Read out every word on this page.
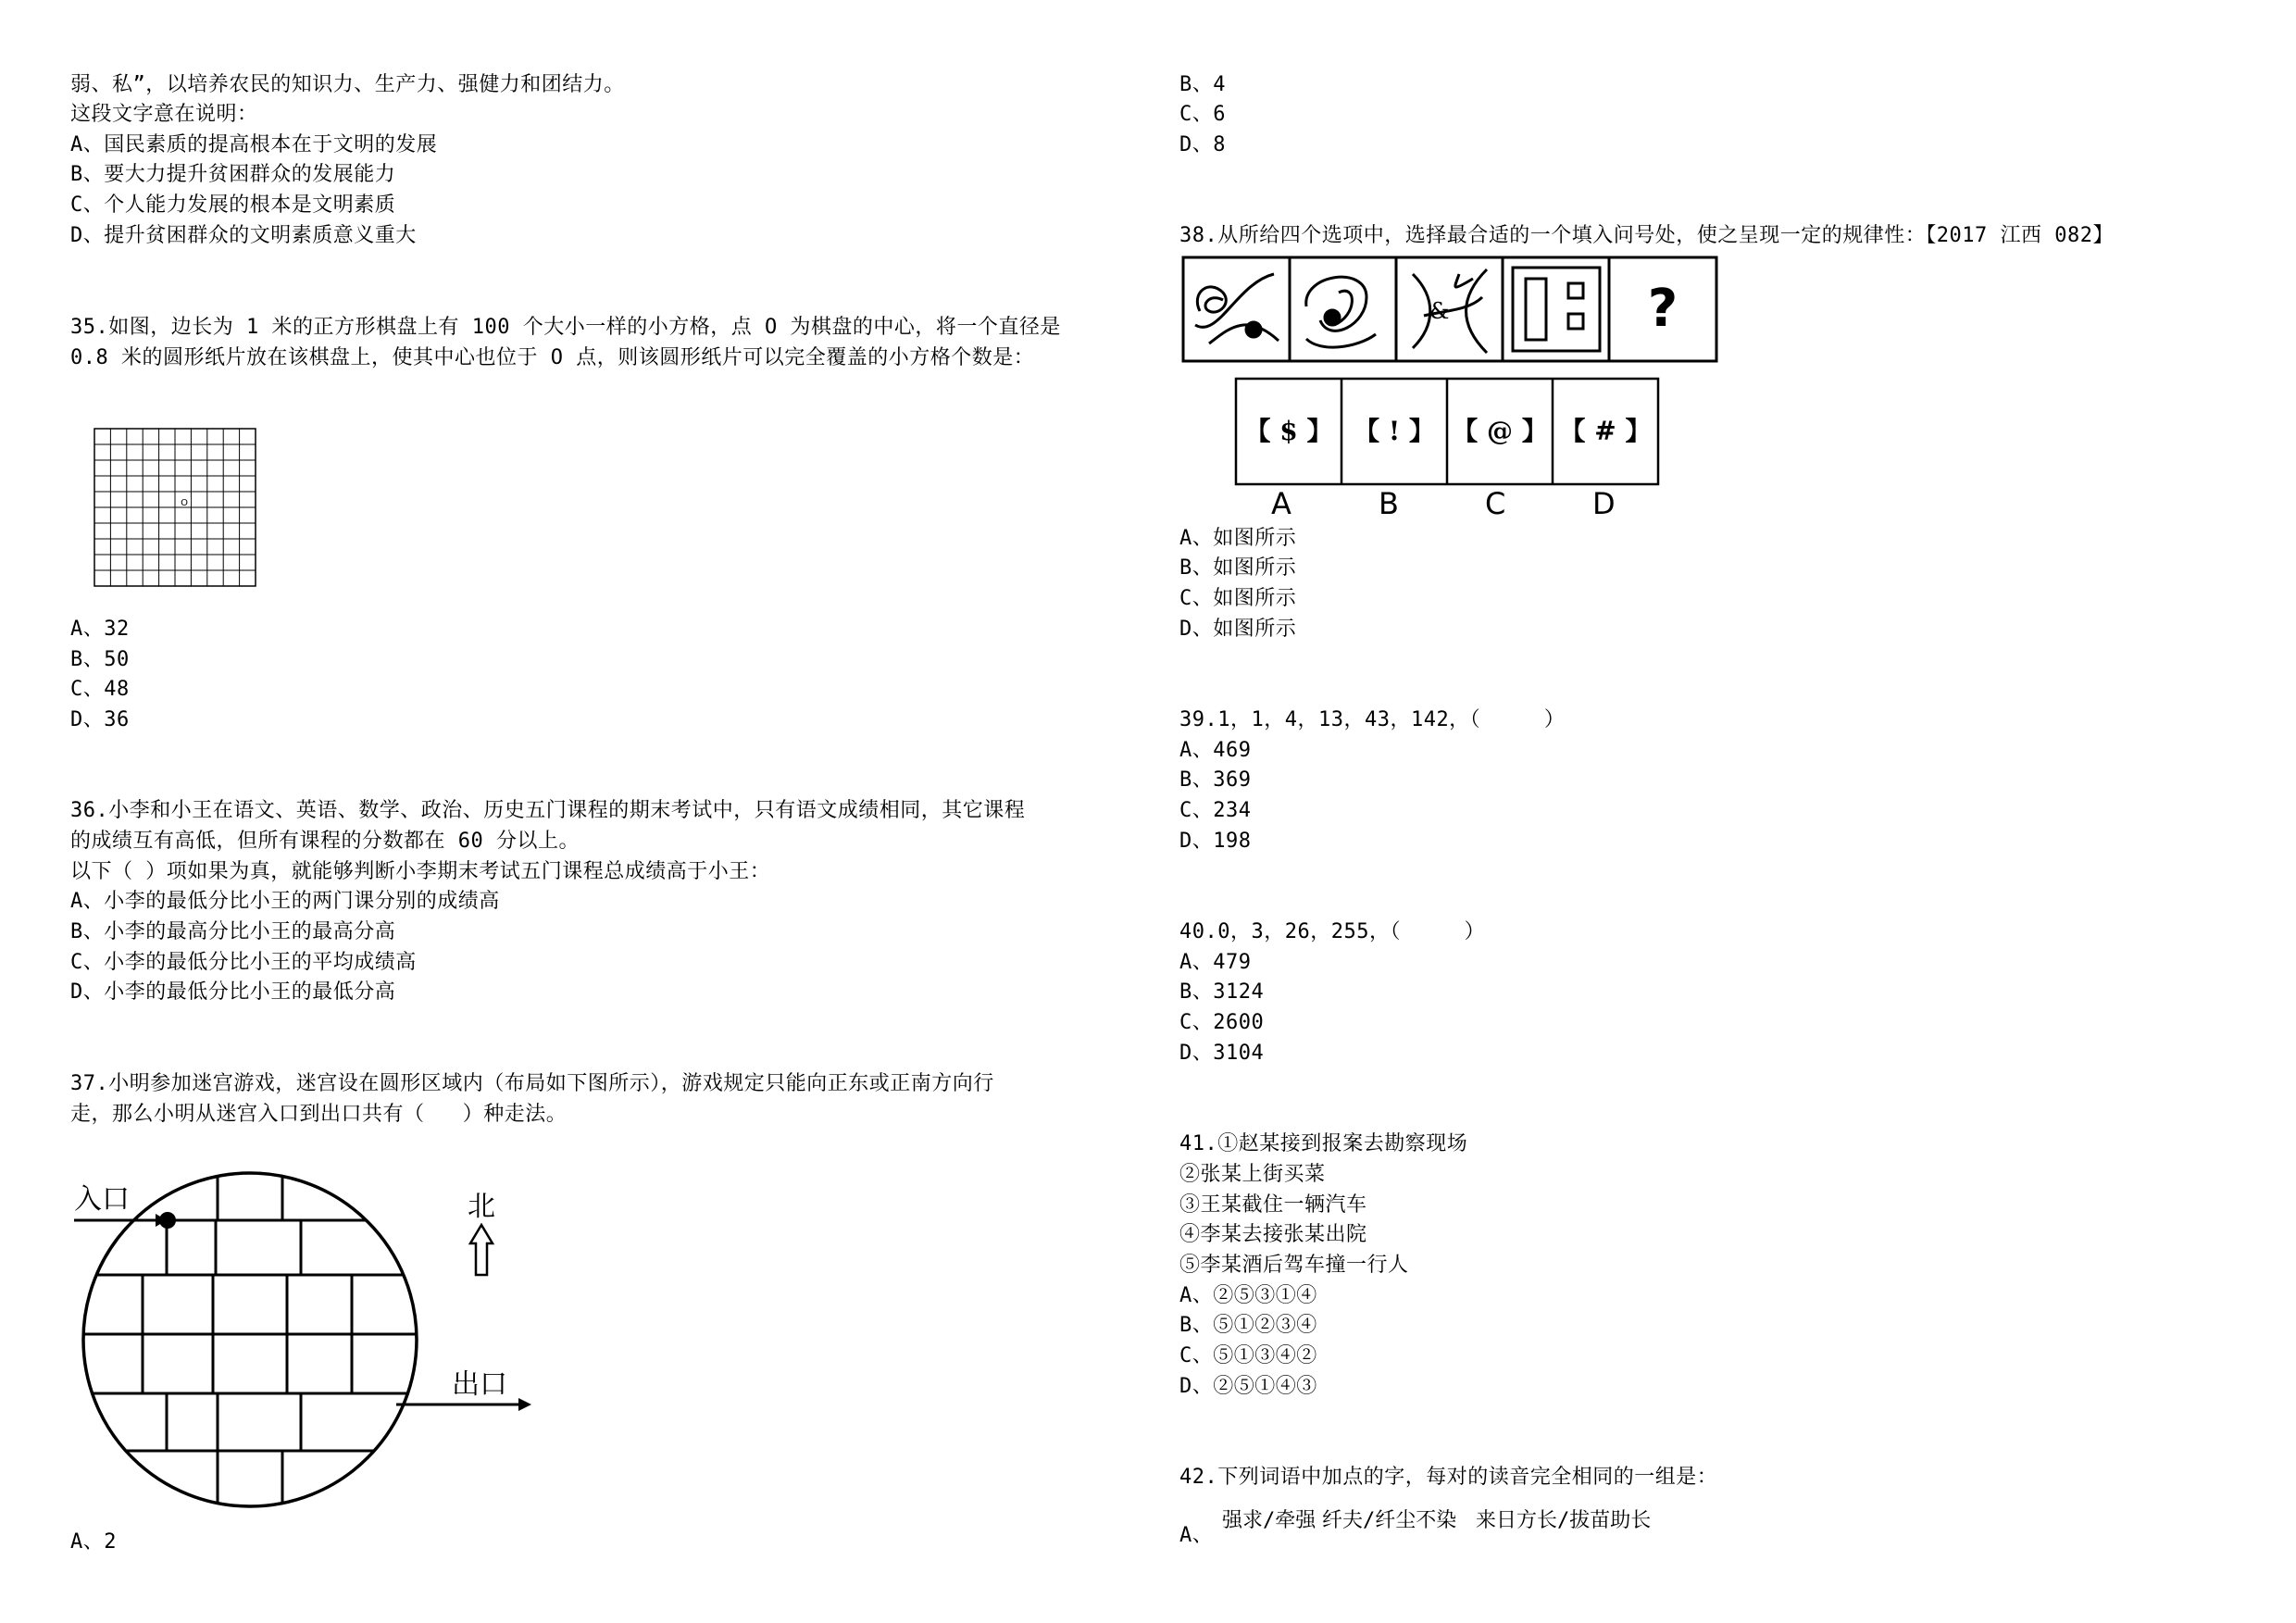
弱、私”，以培养农民的知识力、生产力、强健力和团结力。
这段文字意在说明：
A、国民素质的提高根本在于文明的发展
B、要大力提升贫困群众的发展能力
C、个人能力发展的根本是文明素质
D、提升贫困群众的文明素质意义重大
35.如图，边长为 1 米的正方形棋盘上有 100 个大小一样的小方格，点 O 为棋盘的中心，将一个直径是
0.8 米的圆形纸片放在该棋盘上，使其中心也位于 O 点，则该圆形纸片可以完全覆盖的小方格个数是：
O
A、32
B、50
C、48
D、36
36.小李和小王在语文、英语、数学、政治、历史五门课程的期末考试中，只有语文成绩相同，其它课程
的成绩互有高低，但所有课程的分数都在 60 分以上。
以下（ ）项如果为真，就能够判断小李期末考试五门课程总成绩高于小王：
A、小李的最低分比小王的两门课分别的成绩高
B、小李的最高分比小王的最高分高
C、小李的最低分比小王的平均成绩高
D、小李的最低分比小王的最低分高
37.小明参加迷宫游戏，迷宫设在圆形区域内（布局如下图所示），游戏规定只能向正东或正南方向行
走，那么小明从迷宫入口到出口共有（   ）种走法。
入口
出口
北
A、2
B、4
C、6
D、8
38.从所给四个选项中，选择最合适的一个填入问号处，使之呈现一定的规律性：【2017 江西 082】
&	?
【 $ 】 【 ! 】 【 @ 】 【 # 】
A	B	C	D
A、如图所示
B、如图所示
C、如图所示
D、如图所示
39.1，1，4，13，43，142，（     ）
A、469
B、369
C、234
D、198
40.0，3，26，255，（     ）
A、479
B、3124
C、2600
D、3104
41.①赵某接到报案去勘察现场
②张某上街买菜
③王某截住一辆汽车
④李某去接张某出院
⑤李某酒后驾车撞一行人
A、②⑤③①④
B、⑤①②③④
C、⑤①③④②
D、②⑤①④③
42.下列词语中加点的字，每对的读音完全相同的一组是：
A、
强求/牵强 纤夫/纤尘不染 来日方长/拔苗助长
